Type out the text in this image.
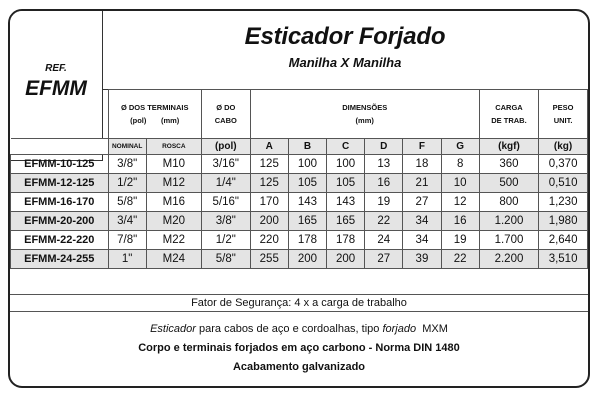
REF.
EFMM
Esticador Forjado
Manilha X Manilha
	Ø DOS TERMINAIS
(pol) (mm)		Ø DO
CABO	DIMENSÕES
(mm)						CARGA
DE TRAB.	PESO
UNIT.
	NOMINAL	ROSCA	(pol)	A	B	C	D	F	G	(kgf)	(kg)
EFMM-10-125	3/8"	M10	3/16"	125	100	100	13	18	8	360	0,370
EFMM-12-125	1/2"	M12	1/4"	125	105	105	16	21	10	500	0,510
EFMM-16-170	5/8"	M16	5/16"	170	143	143	19	27	12	800	1,230
EFMM-20-200	3/4"	M20	3/8"	200	165	165	22	34	16	1.200	1,980
EFMM-22-220	7/8"	M22	1/2"	220	178	178	24	34	19	1.700	2,640
EFMM-24-255	1"	M24	5/8"	255	200	200	27	39	22	2.200	3,510
Fator de Segurança: 4 x a carga de trabalho
Esticador para cabos de aço e cordoalhas, tipo forjado  MXM
Corpo e terminais forjados em aço carbono - Norma DIN 1480
Acabamento galvanizado
